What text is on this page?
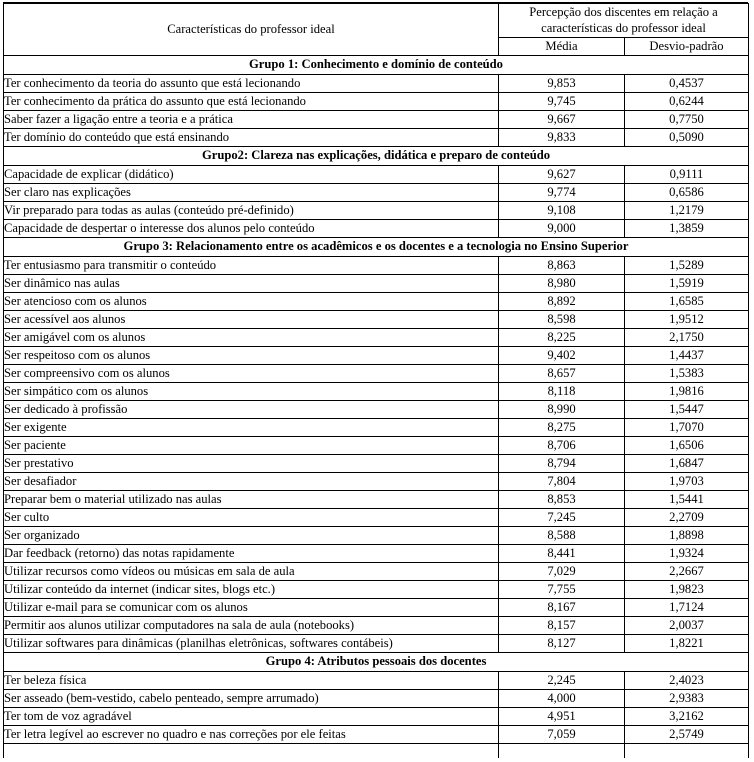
Características do professor ideal	Percepção dos discentes em relação a características do professor ideal	
	Média	Desvio-padrão
Grupo 1: Conhecimento e domínio de conteúdo		
Ter conhecimento da teoria do assunto que está lecionando	9,853	0,4537
Ter conhecimento da prática do assunto que está lecionando	9,745	0,6244
Saber fazer a ligação entre a teoria e a prática	9,667	0,7750
Ter domínio do conteúdo que está ensinando	9,833	0,5090
Grupo2: Clareza nas explicações, didática e preparo de conteúdo		
Capacidade de explicar (didático)	9,627	0,9111
Ser claro nas explicações	9,774	0,6586
Vir preparado para todas as aulas (conteúdo pré-definido)	9,108	1,2179
Capacidade de despertar o interesse dos alunos pelo conteúdo	9,000	1,3859
Grupo 3: Relacionamento entre os acadêmicos e os docentes e a tecnologia no Ensino Superior		
Ter entusiasmo para transmitir o conteúdo	8,863	1,5289
Ser dinâmico nas aulas	8,980	1,5919
Ser atencioso com os alunos	8,892	1,6585
Ser acessível aos alunos	8,598	1,9512
Ser amigável com os alunos	8,225	2,1750
Ser respeitoso com os alunos	9,402	1,4437
Ser compreensivo com os alunos	8,657	1,5383
Ser simpático com os alunos	8,118	1,9816
Ser dedicado à profissão	8,990	1,5447
Ser exigente	8,275	1,7070
Ser paciente	8,706	1,6506
Ser prestativo	8,794	1,6847
Ser desafiador	7,804	1,9703
Preparar bem o material utilizado nas aulas	8,853	1,5441
Ser culto	7,245	2,2709
Ser organizado	8,588	1,8898
Dar feedback (retorno) das notas rapidamente	8,441	1,9324
Utilizar recursos como vídeos ou músicas em sala de aula	7,029	2,2667
Utilizar conteúdo da internet (indicar sites, blogs etc.)	7,755	1,9823
Utilizar e-mail para se comunicar com os alunos	8,167	1,7124
Permitir aos alunos utilizar computadores na sala de aula (notebooks)	8,157	2,0037
Utilizar softwares para dinâmicas (planilhas eletrônicas, softwares contábeis)	8,127	1,8221
Grupo 4: Atributos pessoais dos docentes		
Ter beleza física	2,245	2,4023
Ser asseado (bem-vestido, cabelo penteado, sempre arrumado)	4,000	2,9383
Ter tom de voz agradável	4,951	3,2162
Ter letra legível ao escrever no quadro e nas correções por ele feitas	7,059	2,5749
